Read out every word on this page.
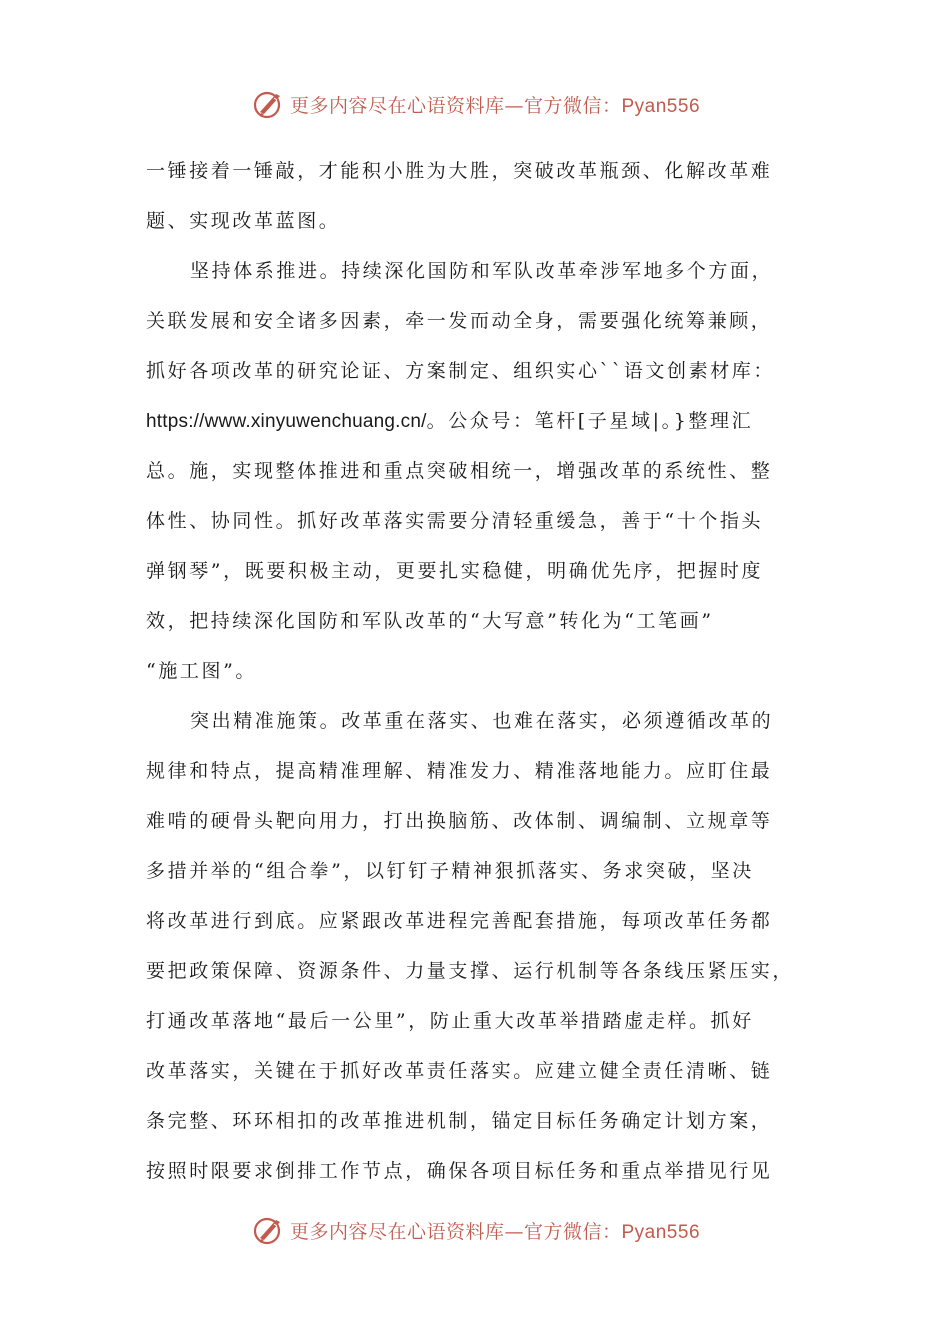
更多内容尽在心语资料库—官方微信：Pyan556
一锤接着一锤敲，才能积小胜为大胜，突破改革瓶颈、化解改革难
题、实现改革蓝图。
坚持体系推进。持续深化国防和军队改革牵涉军地多个方面，
关联发展和安全诸多因素，牵一发而动全身，需要强化统筹兼顾，
抓好各项改革的研究论证、方案制定、组织实心``语文创素材库：
https://www.xinyuwenchuang.cn/。公众号：笔杆[子星域|。}整理汇
总。施，实现整体推进和重点突破相统一，增强改革的系统性、整
体性、协同性。抓好改革落实需要分清轻重缓急，善于“十个指头
弹钢琴”，既要积极主动，更要扎实稳健，明确优先序，把握时度
效，把持续深化国防和军队改革的“大写意”转化为“工笔画”
“施工图”。
突出精准施策。改革重在落实、也难在落实，必须遵循改革的
规律和特点，提高精准理解、精准发力、精准落地能力。应盯住最
难啃的硬骨头靶向用力，打出换脑筋、改体制、调编制、立规章等
多措并举的“组合拳”，以钉钉子精神狠抓落实、务求突破，坚决
将改革进行到底。应紧跟改革进程完善配套措施，每项改革任务都
要把政策保障、资源条件、力量支撑、运行机制等各条线压紧压实，
打通改革落地“最后一公里”，防止重大改革举措踏虚走样。抓好
改革落实，关键在于抓好改革责任落实。应建立健全责任清晰、链
条完整、环环相扣的改革推进机制，锚定目标任务确定计划方案，
按照时限要求倒排工作节点，确保各项目标任务和重点举措见行见
更多内容尽在心语资料库—官方微信：Pyan556
